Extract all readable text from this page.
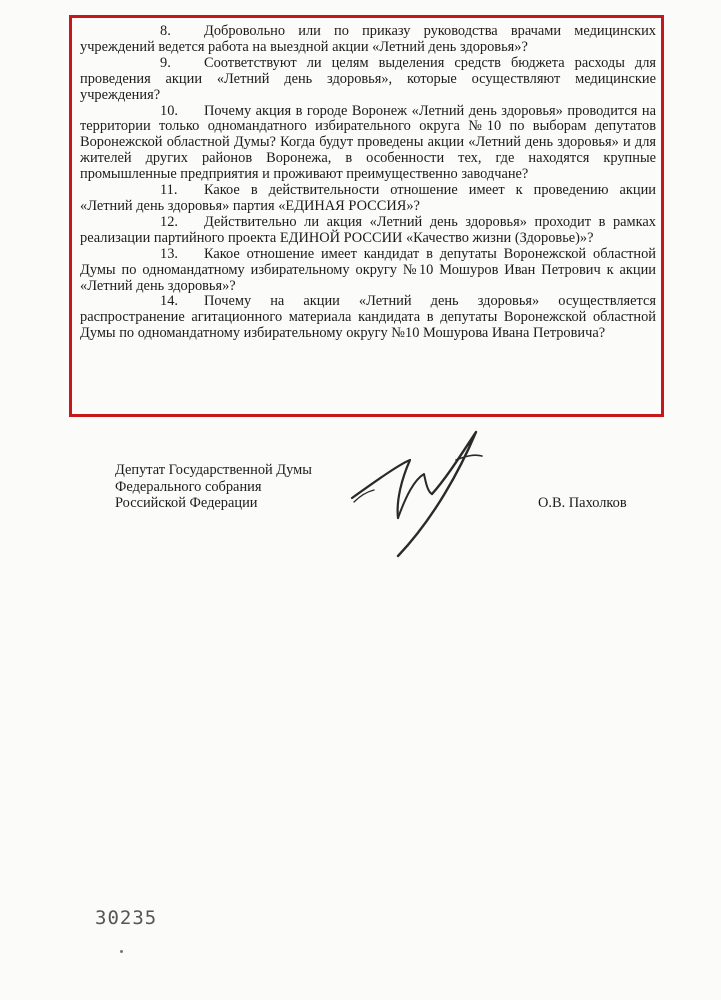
8. Добровольно или по приказу руководства врачами медицинских учреждений ведется работа на выездной акции «Летний день здоровья»?

9. Соответствуют ли целям выделения средств бюджета расходы для проведения акции «Летний день здоровья», которые осуществляют медицинские учреждения?

10. Почему акция в городе Воронеж «Летний день здоровья» проводится на территории только одномандатного избирательного округа №10 по выборам депутатов Воронежской областной Думы? Когда будут проведены акции «Летний день здоровья» и для жителей других районов Воронежа, в особенности тех, где находятся крупные промышленные предприятия и проживают преимущественно заводчане?

11. Какое в действительности отношение имеет к проведению акции «Летний день здоровья» партия «ЕДИНАЯ РОССИЯ»?

12. Действительно ли акция «Летний день здоровья» проходит в рамках реализации партийного проекта ЕДИНОЙ РОССИИ «Качество жизни (Здоровье)»?

13. Какое отношение имеет кандидат в депутаты Воронежской областной Думы по одномандатному избирательному округу №10 Мошуров Иван Петрович к акции «Летний день здоровья»?

14. Почему на акции «Летний день здоровья» осуществляется распространение агитационного материала кандидата в депутаты Воронежской областной Думы по одномандатному избирательному округу №10 Мошурова Ивана Петровича?

Депутат Государственной Думы
Федерального собрания
Российской Федерации	О.В. Пахолков
30235
